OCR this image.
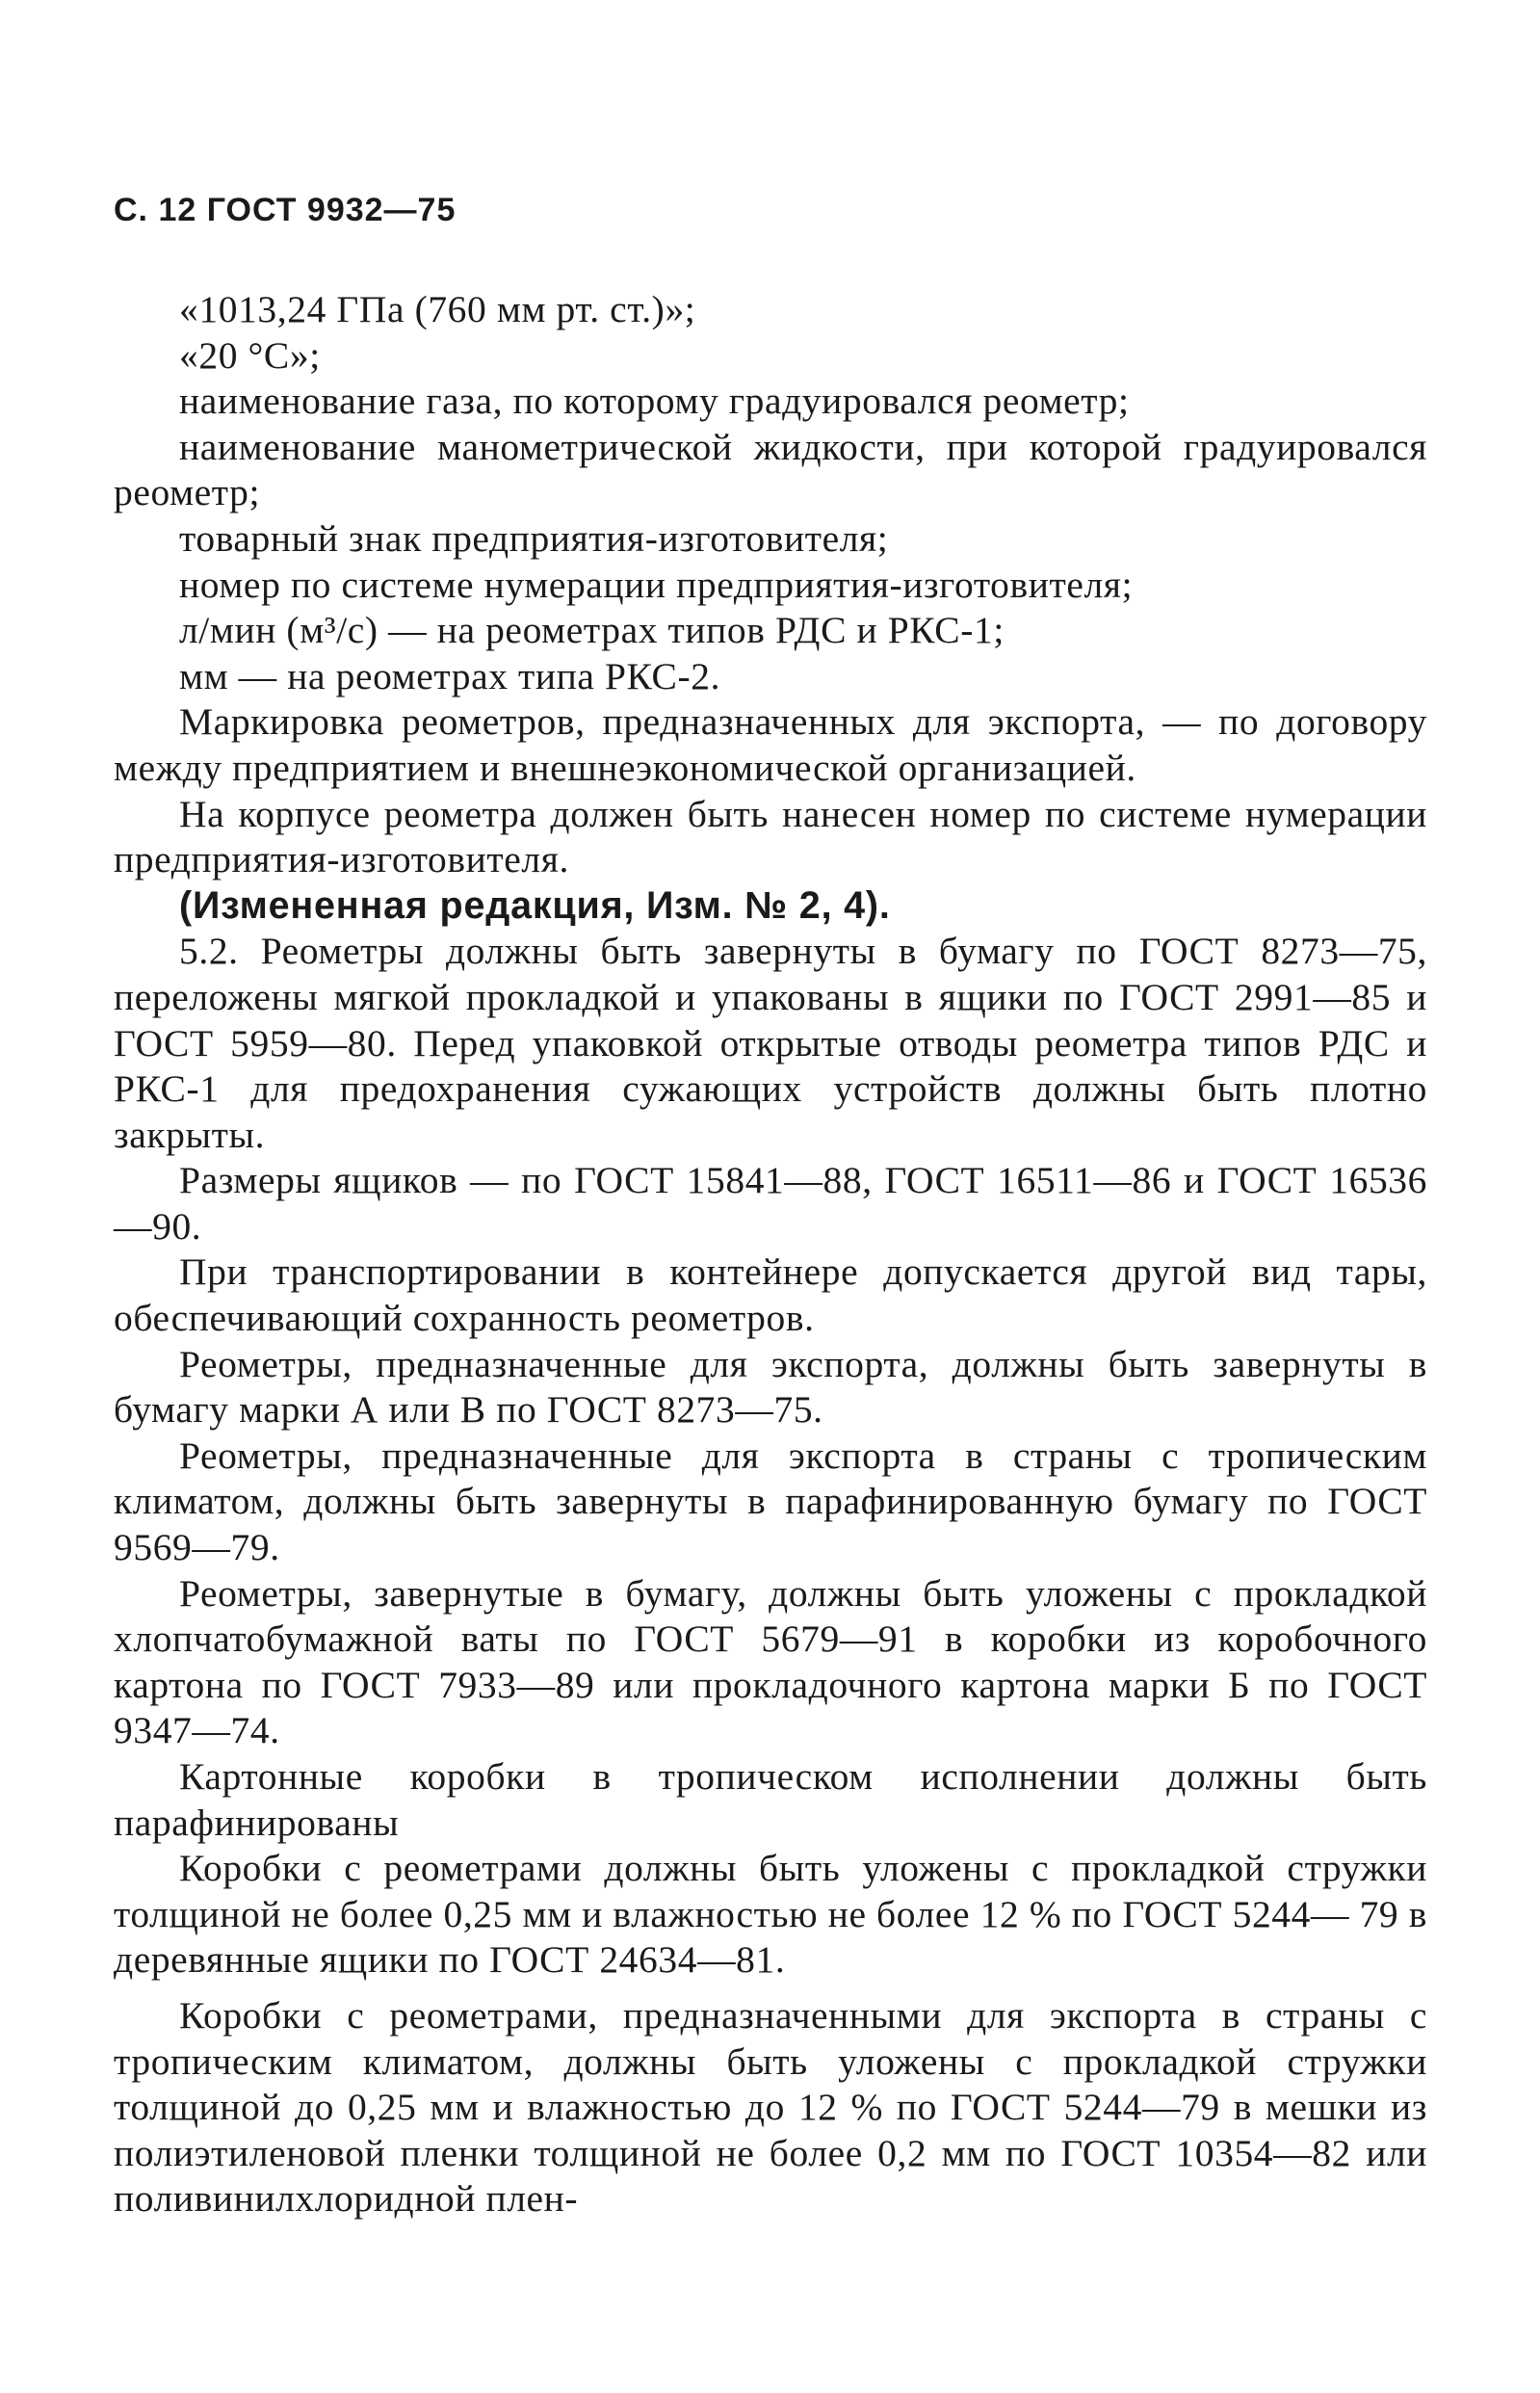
С. 12 ГОСТ 9932—75

«1013,24 ГПа (760 мм рт. ст.)»;

«20 °С»;

наименование газа, по которому градуировался реометр;

наименование манометрической жидкости, при которой градуировался реометр;

товарный знак предприятия-изготовителя;

номер по системе нумерации предприятия-изготовителя;

л/мин (м³/с) — на реометрах типов РДС и РКС-1;

мм — на реометрах типа РКС-2.

Маркировка реометров, предназначенных для экспорта, — по договору между предприятием и внешнеэкономической организацией.

На корпусе реометра должен быть нанесен номер по системе нумерации предприятия-изготовителя.

(Измененная редакция, Изм. № 2, 4).

5.2. Реометры должны быть завернуты в бумагу по ГОСТ 8273—75, переложены мягкой прокладкой и упакованы в ящики по ГОСТ 2991—85 и ГОСТ 5959—80. Перед упаковкой открытые отводы реометра типов РДС и РКС-1 для предохранения сужающих устройств должны быть плотно закрыты.

Размеры ящиков — по ГОСТ 15841—88, ГОСТ 16511—86 и ГОСТ 16536—90.

При транспортировании в контейнере допускается другой вид тары, обеспечивающий сохранность реометров.

Реометры, предназначенные для экспорта, должны быть завернуты в бумагу марки А или В по ГОСТ 8273—75.

Реометры, предназначенные для экспорта в страны с тропическим климатом, должны быть завернуты в парафинированную бумагу по ГОСТ 9569—79.

Реометры, завернутые в бумагу, должны быть уложены с прокладкой хлопчатобумажной ваты по ГОСТ 5679—91 в коробки из коробочного картона по ГОСТ 7933—89 или прокладочного картона марки Б по ГОСТ 9347—74.

Картонные коробки в тропическом исполнении должны быть парафинированы

Коробки с реометрами должны быть уложены с прокладкой стружки толщиной не более 0,25 мм и влажностью не более 12 % по ГОСТ 5244— 79 в деревянные ящики по ГОСТ 24634—81.

Коробки с реометрами, предназначенными для экспорта в страны с тропическим климатом, должны быть уложены с прокладкой стружки толщиной до 0,25 мм и влажностью до 12 % по ГОСТ 5244—79 в мешки из полиэтиленовой пленки толщиной не более 0,2 мм по ГОСТ 10354—82 или поливинилхлоридной плен-
